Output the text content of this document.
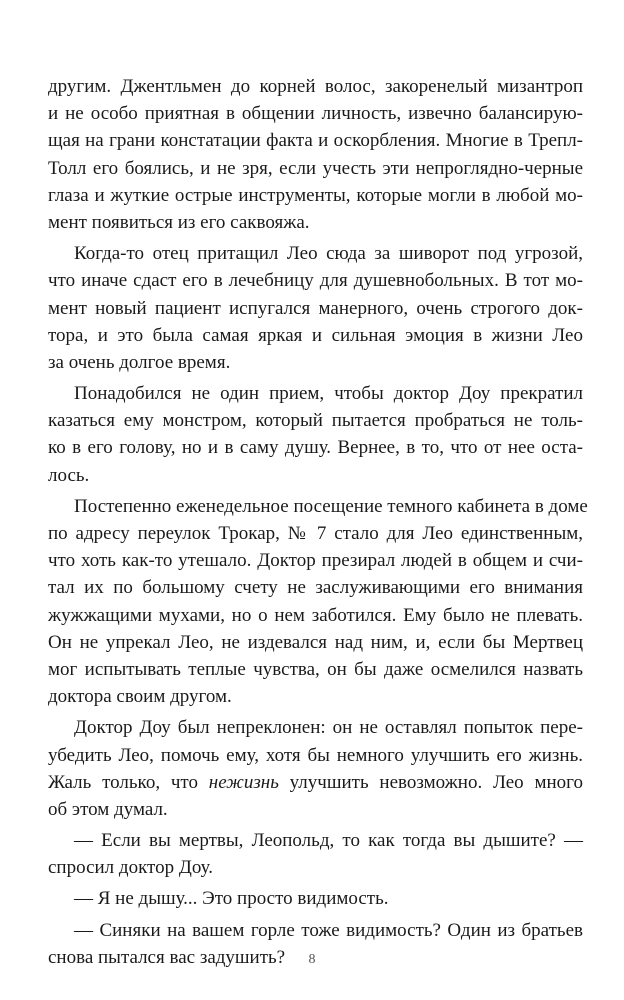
другим. Джентльмен до корней волос, закоренелый мизантроп
и не особо приятная в общении личность, извечно балансирую-
щая на грани констатации факта и оскорбления. Многие в Трепл-
Толл его боялись, и не зря, если учесть эти непроглядно-черные
глаза и жуткие острые инструменты, которые могли в любой мо-
мент появиться из его саквояжа.
Когда-то отец притащил Лео сюда за шиворот под угрозой,
что иначе сдаст его в лечебницу для душевнобольных. В тот мо-
мент новый пациент испугался манерного, очень строгого док-
тора, и это была самая яркая и сильная эмоция в жизни Лео
за очень долгое время.
Понадобился не один прием, чтобы доктор Доу прекратил
казаться ему монстром, который пытается пробраться не толь-
ко в его голову, но и в саму душу. Вернее, в то, что от нее оста-
лось.
Постепенно еженедельное посещение темного кабинета в доме
по адресу переулок Трокар, № 7 стало для Лео единственным,
что хоть как-то утешало. Доктор презирал людей в общем и счи-
тал их по большому счету не заслуживающими его внимания
жужжащими мухами, но о нем заботился. Ему было не плевать.
Он не упрекал Лео, не издевался над ним, и, если бы Мертвец
мог испытывать теплые чувства, он бы даже осмелился назвать
доктора своим другом.
Доктор Доу был непреклонен: он не оставлял попыток пере-
убедить Лео, помочь ему, хотя бы немного улучшить его жизнь.
Жаль только, что нежизнь улучшить невозможно. Лео много
об этом думал.
— Если вы мертвы, Леопольд, то как тогда вы дышите? —
спросил доктор Доу.
— Я не дышу... Это просто видимость.
— Синяки на вашем горле тоже видимость? Один из братьев
снова пытался вас задушить?	8
